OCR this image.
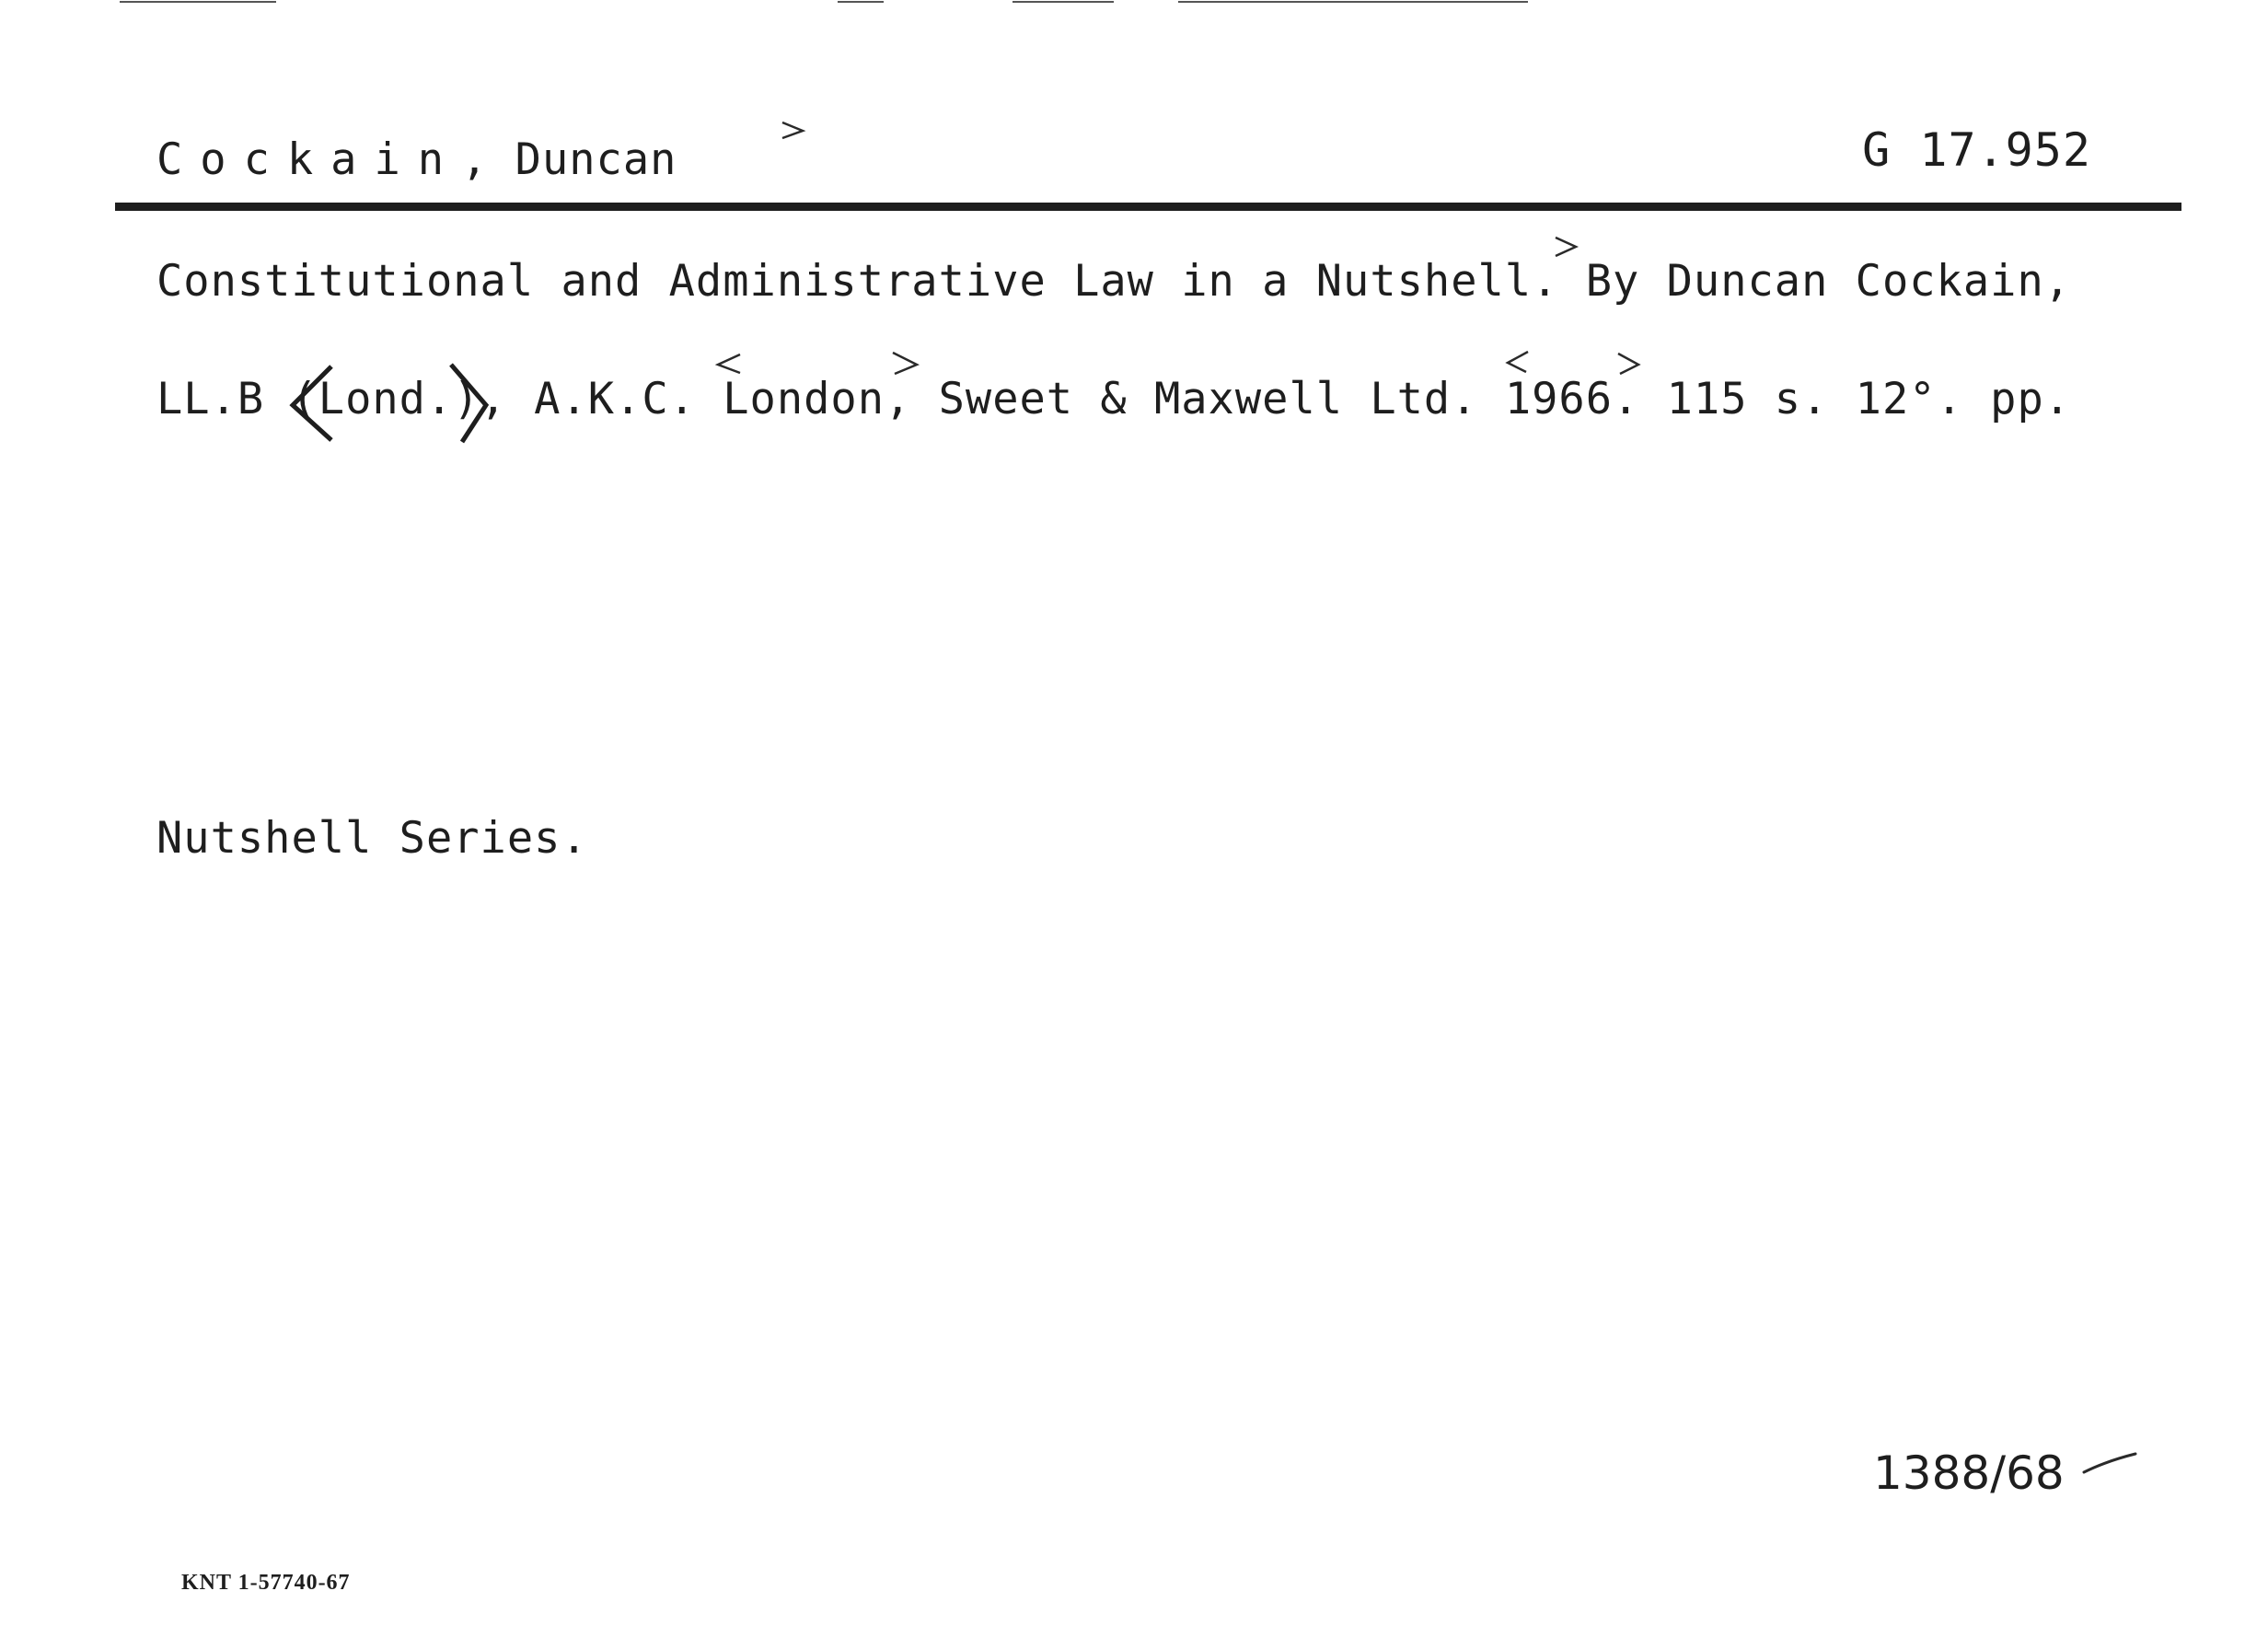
Cockain, Duncan	G 17.952
Constitutional and Administrative Law in a Nutshell. By Duncan Cockain,
LL.B (Lond.), A.K.C. London, Sweet & Maxwell Ltd. 1966. 115 s. 12°. pp.
Nutshell Series.
1388/68
KNT 1-57740-67
